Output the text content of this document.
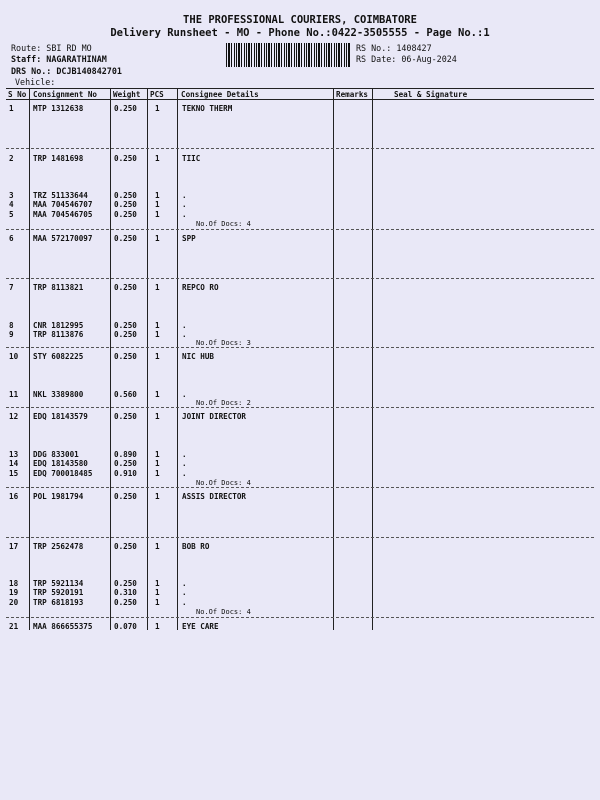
THE PROFESSIONAL COURIERS, COIMBATORE
Delivery Runsheet - MO - Phone No.:0422-3505555 - Page No.:1
Route: SBI RD MO
Staff: NAGARATHINAM
DRS No.: DCJB140842701
Vehicle:
RS No.: 1408427
RS Date: 06-Aug-2024
S No Consignment No Weight PCS Consignee Details	Remarks	Seal & Signature
1	MTP 1312638	0.250 1	TEKNO THERM
2	TRP 1481698	0.250 1	TIIC
3	TRZ 51133644	0.250 1	.
4	MAA 704546707	0.250 1	.
5	MAA 704546705	0.250 1	.
6	MAA 572170097	0.250 1	SPP
7	TRP 8113821	0.250 1	REPCO RO
8	CNR 1812995	0.250 1	.
9	TRP 8113876	0.250 1	.
10 STY 6082225	0.250 1	NIC HUB
11 NKL 3389800	0.560 1	.
12 EDQ 18143579	0.250 1	JOINT DIRECTOR
13 DDG 833001	0.890 1	.
14 EDQ 18143580	0.250 1	.
15 EDQ 700018485	0.910 1	.
16 POL 1981794	0.250 1	ASSIS DIRECTOR
17 TRP 2562478	0.250 1	BOB RO
18 TRP 5921134	0.250 1	.
19 TRP 5920191	0.310 1	.
20 TRP 6818193	0.250 1	.
21 MAA 866655375	0.070 1	EYE CARE
No.Of Docs: 4
No.Of Docs: 3
No.Of Docs: 2
No.Of Docs: 4
No.Of Docs: 4
